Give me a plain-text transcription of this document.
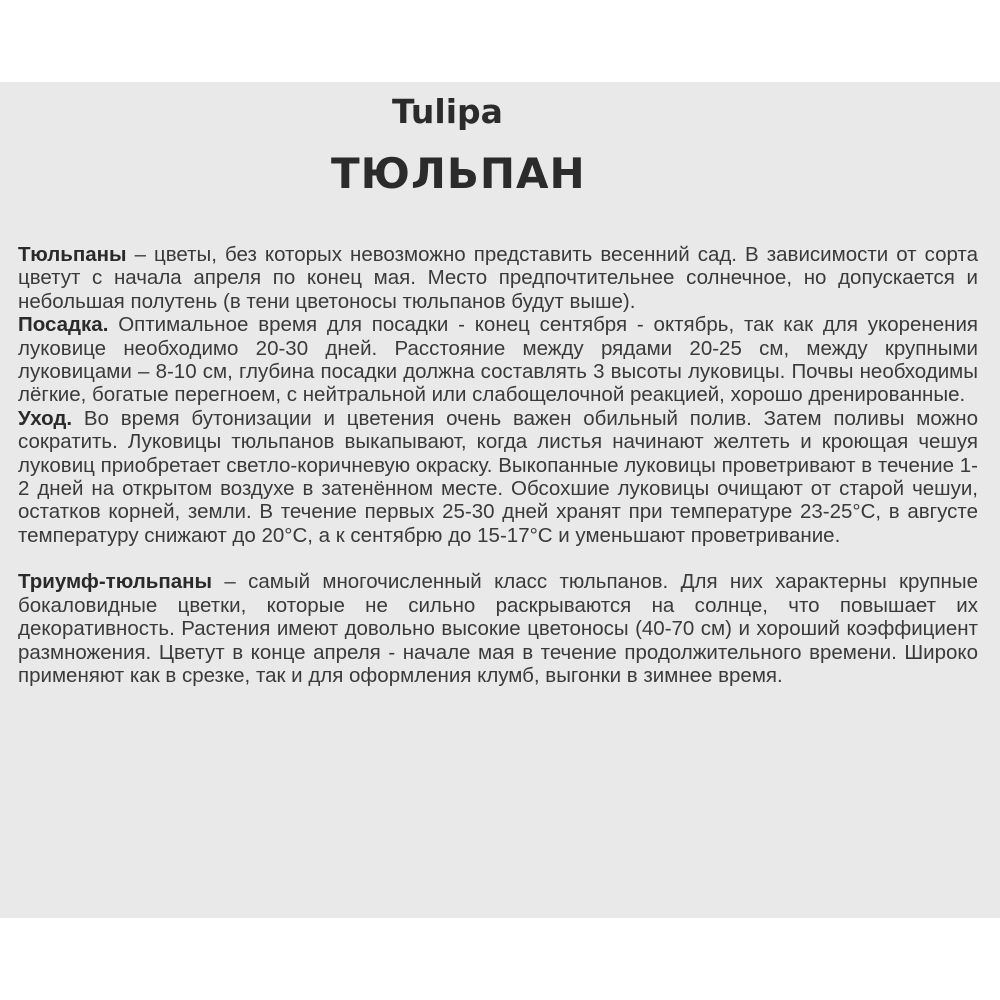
Tulipa
ТЮЛЬПАН

Тюльпаны – цветы, без которых невозможно представить весенний сад. В зависимости от сорта цветут с начала апреля по конец мая. Место предпочтительнее солнечное, но допускается и небольшая полутень (в тени цветоносы тюльпанов будут выше).

Посадка. Оптимальное время для посадки - конец сентября - октябрь, так как для укоренения луковице необходимо 20-30 дней. Расстояние между рядами 20-25 см, между крупными луковицами – 8-10 см, глубина посадки должна составлять 3 высоты луковицы. Почвы необходимы лёгкие, богатые перегноем, с нейтральной или слабощелочной реакцией, хорошо дренированные.

Уход. Во время бутонизации и цветения очень важен обильный полив. Затем поливы можно сократить. Луковицы тюльпанов выкапывают, когда листья начинают желтеть и кроющая чешуя луковиц приобретает светло-коричневую окраску. Выкопанные луковицы проветривают в течение 1-2 дней на открытом воздухе в затенённом месте. Обсохшие луковицы очищают от старой чешуи, остатков корней, земли. В течение первых 25-30 дней хранят при температуре 23-25°С, в августе температуру снижают до 20°С, а к сентябрю до 15-17°С и уменьшают проветривание.

Триумф-тюльпаны – самый многочисленный класс тюльпанов. Для них характерны крупные бокаловидные цветки, которые не сильно раскрываются на солнце, что повышает их декоративность. Растения имеют довольно высокие цветоносы (40-70 см) и хороший коэффициент размножения. Цветут в конце апреля - начале мая в течение продолжительного времени. Широко применяют как в срезке, так и для оформления клумб, выгонки в зимнее время.
